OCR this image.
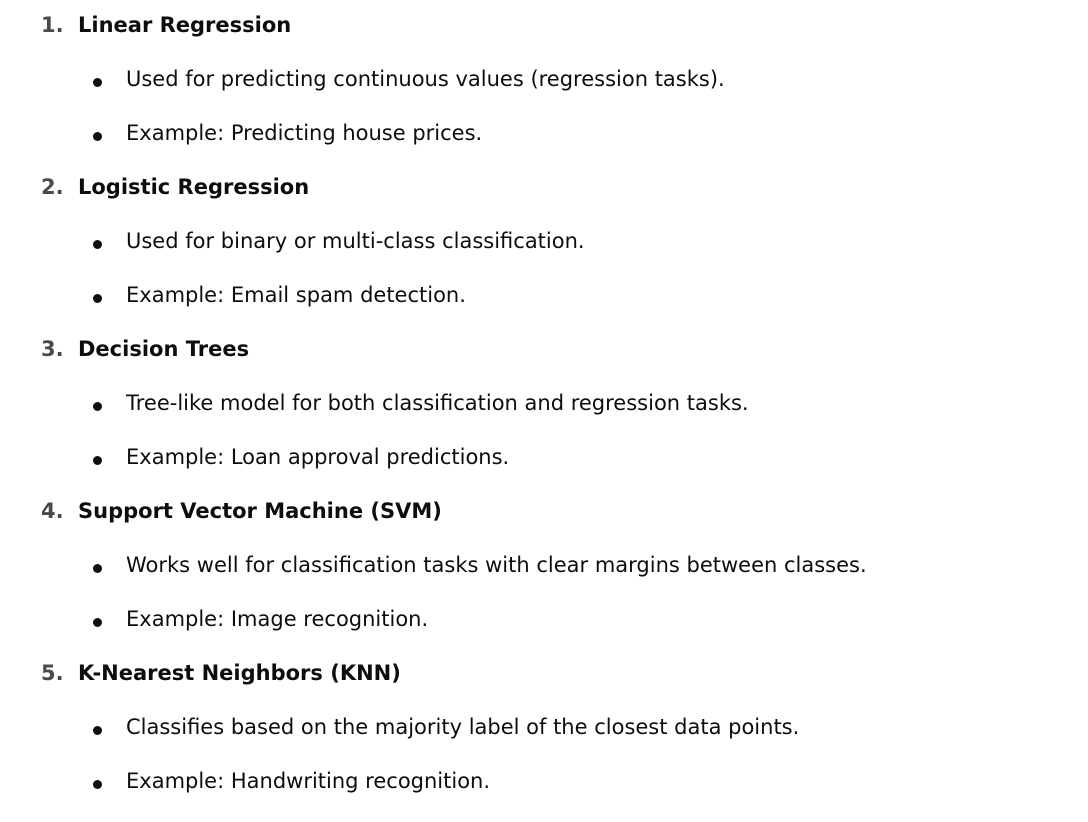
1. Linear Regression
Used for predicting continuous values (regression tasks).
Example: Predicting house prices.
2. Logistic Regression
Used for binary or multi-class classification.
Example: Email spam detection.
3. Decision Trees
Tree-like model for both classification and regression tasks.
Example: Loan approval predictions.
4. Support Vector Machine (SVM)
Works well for classification tasks with clear margins between classes.
Example: Image recognition.
5. K-Nearest Neighbors (KNN)
Classifies based on the majority label of the closest data points.
Example: Handwriting recognition.
